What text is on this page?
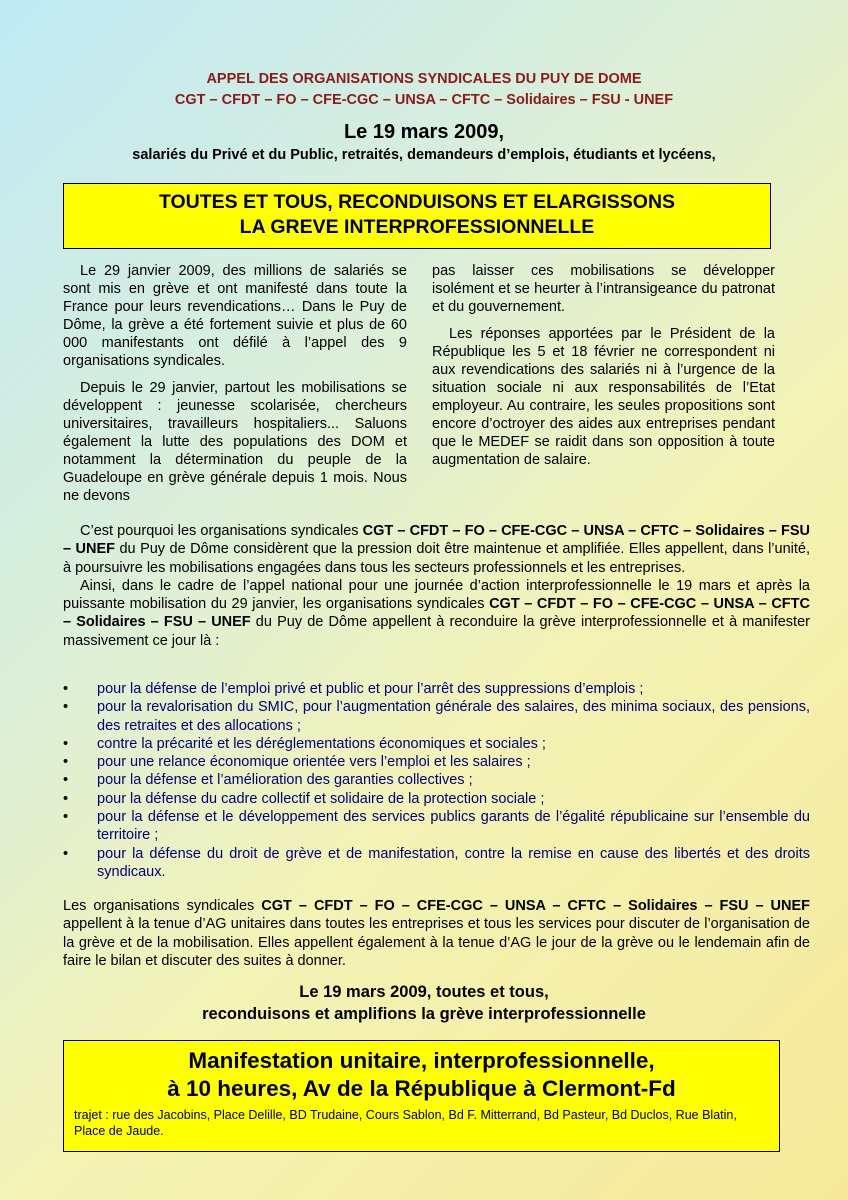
APPEL DES ORGANISATIONS SYNDICALES DU PUY DE DOME
CGT – CFDT – FO – CFE-CGC – UNSA – CFTC – Solidaires – FSU - UNEF
Le 19 mars 2009,
salariés du Privé et du Public, retraités, demandeurs d’emplois, étudiants et lycéens,
TOUTES ET TOUS, RECONDUISONS ET ELARGISSONS
LA GREVE INTERPROFESSIONNELLE

Le 29 janvier 2009, des millions de salariés se sont mis en grève et ont manifesté dans toute la France pour leurs revendications… Dans le Puy de Dôme, la grève a été fortement suivie et plus de 60 000 manifestants ont défilé à l’appel des 9 organisations syndicales.

Depuis le 29 janvier, partout les mobilisations se développent : jeunesse scolarisée, chercheurs universitaires, travailleurs hospitaliers... Saluons également la lutte des populations des DOM et notamment la détermination du peuple de la Guadeloupe en grève générale depuis 1 mois. Nous ne devons

pas laisser ces mobilisations se développer isolément et se heurter à l’intransigeance du patronat et du gouvernement.

Les réponses apportées par le Président de la République les 5 et 18 février ne correspondent ni aux revendications des salariés ni à l’urgence de la situation sociale ni aux responsabilités de l’Etat employeur. Au contraire, les seules propositions sont encore d’octroyer des aides aux entreprises pendant que le MEDEF se raidit dans son opposition à toute augmentation de salaire.

C’est pourquoi les organisations syndicales CGT – CFDT – FO – CFE-CGC – UNSA – CFTC – Solidaires – FSU – UNEF du Puy de Dôme considèrent que la pression doit être maintenue et amplifiée. Elles appellent, dans l’unité, à poursuivre les mobilisations engagées dans tous les secteurs professionnels et les entreprises.

Ainsi, dans le cadre de l’appel national pour une journée d’action interprofessionnelle le 19 mars et après la puissante mobilisation du 29 janvier, les organisations syndicales CGT – CFDT – FO – CFE-CGC – UNSA – CFTC – Solidaires – FSU – UNEF du Puy de Dôme appellent à reconduire la grève interprofessionnelle et à manifester massivement ce jour là :

• pour la défense de l’emploi privé et public et pour l’arrêt des suppressions d’emplois ;
• pour la revalorisation du SMIC, pour l’augmentation générale des salaires, des minima sociaux, des pensions, des retraites et des allocations ;
• contre la précarité et les déréglementations économiques et sociales ;
• pour une relance économique orientée vers l’emploi et les salaires ;
• pour la défense et l’amélioration des garanties collectives ;
• pour la défense du cadre collectif et solidaire de la protection sociale ;
• pour la défense et le développement des services publics garants de l’égalité républicaine sur l’ensemble du territoire ;
• pour la défense du droit de grève et de manifestation, contre la remise en cause des libertés et des droits syndicaux.

Les organisations syndicales CGT – CFDT – FO – CFE-CGC – UNSA – CFTC – Solidaires – FSU – UNEF appellent à la tenue d’AG unitaires dans toutes les entreprises et tous les services pour discuter de l’organisation de la grève et de la mobilisation. Elles appellent également à la tenue d’AG le jour de la grève ou le lendemain afin de faire le bilan et discuter des suites à donner.

Le 19 mars 2009, toutes et tous,
reconduisons et amplifions la grève interprofessionnelle
Manifestation unitaire, interprofessionnelle,
à 10 heures, Av de la République à Clermont-Fd
trajet : rue des Jacobins, Place Delille, BD Trudaine, Cours Sablon, Bd F. Mitterrand, Bd Pasteur, Bd Duclos, Rue Blatin, Place de Jaude.
